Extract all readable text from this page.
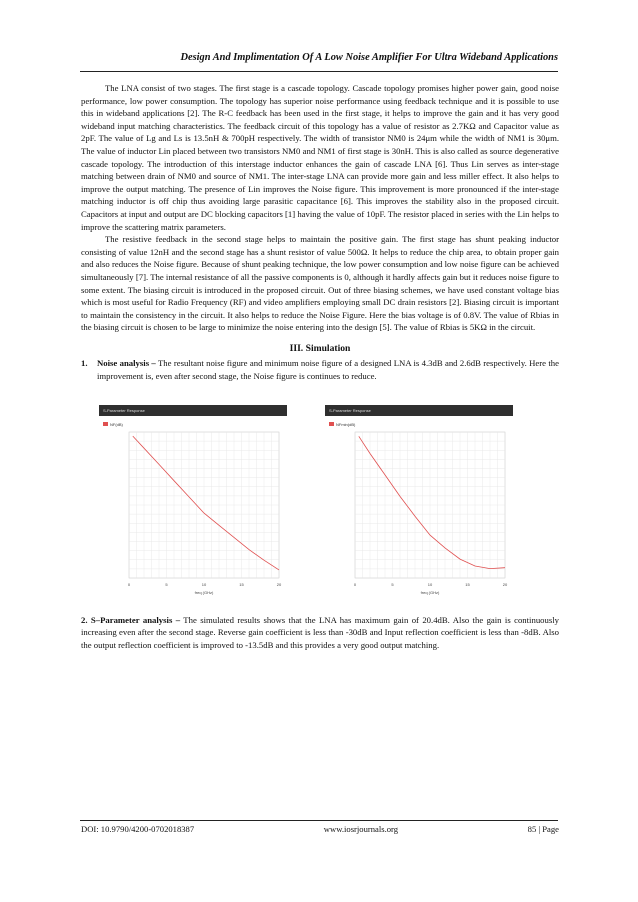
Design And Implimentation Of A Low Noise Amplifier For Ultra Wideband Applications

The LNA consist of two stages. The first stage is a cascade topology. Cascade topology promises higher power gain, good noise performance, low power consumption. The topology has superior noise performance using feedback technique and it is possible to use this in wideband applications [2]. The R-C feedback has been used in the first stage, it helps to improve the gain and it has very good wideband input matching characteristics. The feedback circuit of this topology has a value of resistor as 2.7KΩ and Capacitor value as 2pF. The value of Lg and Ls is 13.5nH & 700pH respectively. The width of transistor NM0 is 24μm while the width of NM1 is 30μm. The value of inductor Lin placed between two transistors NM0 and NM1 of first stage is 30nH. This is also called as source degenerative cascade topology. The introduction of this interstage inductor enhances the gain of cascade LNA [6]. Thus Lin serves as inter-stage matching between drain of NM0 and source of NM1. The inter-stage LNA can provide more gain and less miller effect. It also helps to improve the output matching. The presence of Lin improves the Noise figure. This improvement is more pronounced if the inter-stage matching inductor is off chip thus avoiding large parasitic capacitance [6]. This improves the stability also in the proposed circuit. Capacitors at input and output are DC blocking capacitors [1] having the value of 10pF. The resistor placed in series with the Lin helps to improve the scattering matrix parameters.

The resistive feedback in the second stage helps to maintain the positive gain. The first stage has shunt peaking inductor consisting of value 12nH and the second stage has a shunt resistor of value 500Ω. It helps to reduce the chip area, to obtain proper gain and also reduces the Noise figure. Because of shunt peaking technique, the low power consumption and low noise figure can be achieved simultaneously [7]. The internal resistance of all the passive components is 0, although it hardly affects gain but it reduces noise figure to some extent. The biasing circuit is introduced in the proposed circuit. Out of three biasing schemes, we have used constant voltage bias which is most useful for Radio Frequency (RF) and video amplifiers employing small DC drain resistors [2]. Biasing circuit is important to maintain the consistency in the circuit. It also helps to reduce the Noise Figure. Here the bias voltage is of 0.8V. The value of Rbias in the biasing circuit is chosen to be large to minimize the noise entering into the design [5]. The value of Rbias is 5KΩ in the circuit.

III. Simulation
1.	Noise analysis – The resultant noise figure and minimum noise figure of a designed LNA is 4.3dB and 2.6dB respectively. Here the improvement is, even after second stage, the Noise figure is continues to reduce.
S-Parameter Response
NF(dB)
0	5	10	15	20
freq (GHz)
S-Parameter Response
NFmin(dB)
0	5	10	15	20
freq (GHz)

2. S–Parameter analysis – The simulated results shows that the LNA has maximum gain of 20.4dB. Also the gain is continuously increasing even after the second stage. Reverse gain coefficient is less than -30dB and Input reflection coefficient is less than -8dB. Also the output reflection coefficient is improved to -13.5dB and this provides a very good output matching.

DOI: 10.9790/4200-0702018387	www.iosrjournals.org	85 | Page
